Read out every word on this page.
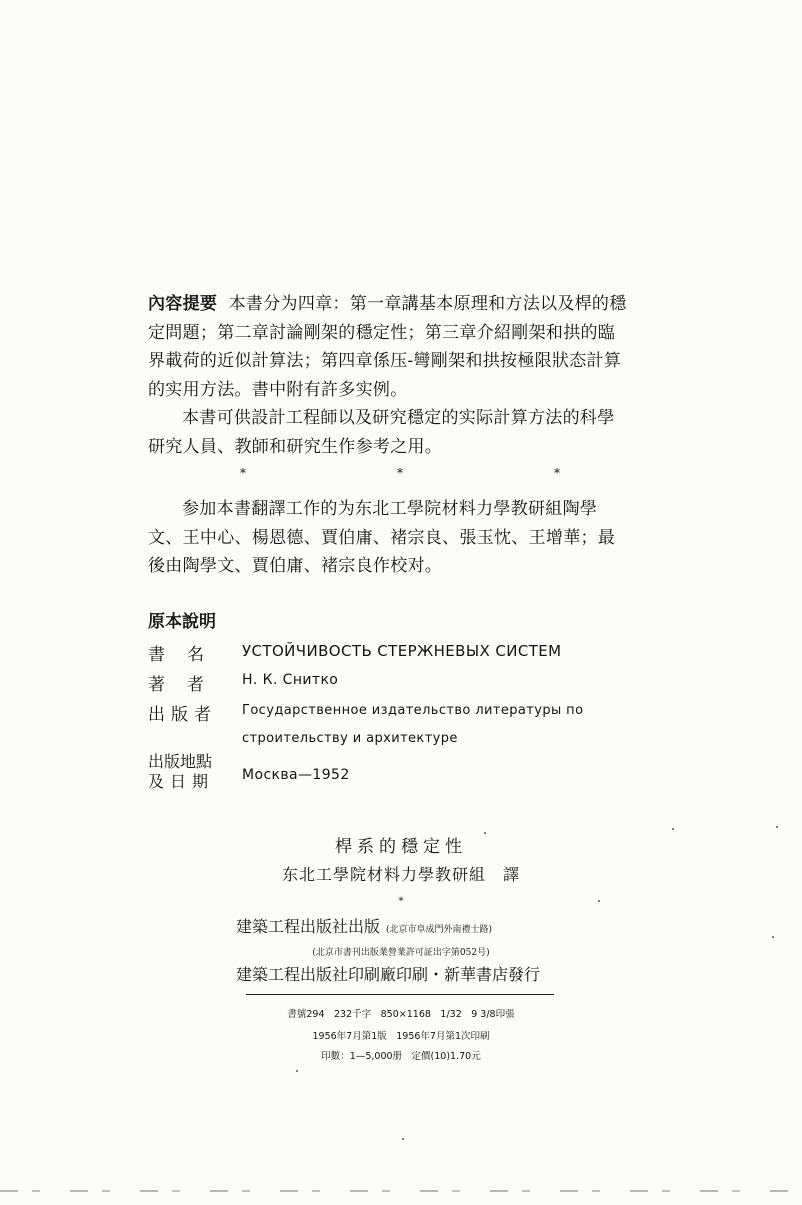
內容提要 本書分为四章：第一章講基本原理和方法以及桿的穩定問題；第二章討論剛架的穩定性；第三章介紹剛架和拱的臨界載荷的近似計算法；第四章係压-彎剛架和拱按極限狀态計算的实用方法。書中附有許多实例。

本書可供設計工程師以及研究穩定的实际計算方法的科學研究人員、教師和研究生作参考之用。

*	*	*

参加本書翻譯工作的为东北工學院材料力學教研組陶學文、王中心、楊恩德、賈伯庸、褚宗良、張玉忱、王增華；最後由陶學文、賈伯庸、褚宗良作校对。

原本說明
書名 УСТОЙЧИВОСТЬ СТЕРЖНЕВЫХ СИСТЕМ
著者 Н. К. Снитко
出版者 Государственное издательство литературы по
строительству и архитектуре
出版地點
及日期 Москва—1952
桿系的穩定性
东北工學院材料力學教研組　譯
*
建築工程出版社出版 (北京市阜成門外南禮士路)
(北京市書刊出版業營業許可証出字第052号)
建築工程出版社印刷廠印刷・新華書店發行
書號294　232千字　850×1168　1/32　9 3/8印張
1956年7月第1版　1956年7月第1次印刷
印數：1—5,000册　定價(10)1.70元
